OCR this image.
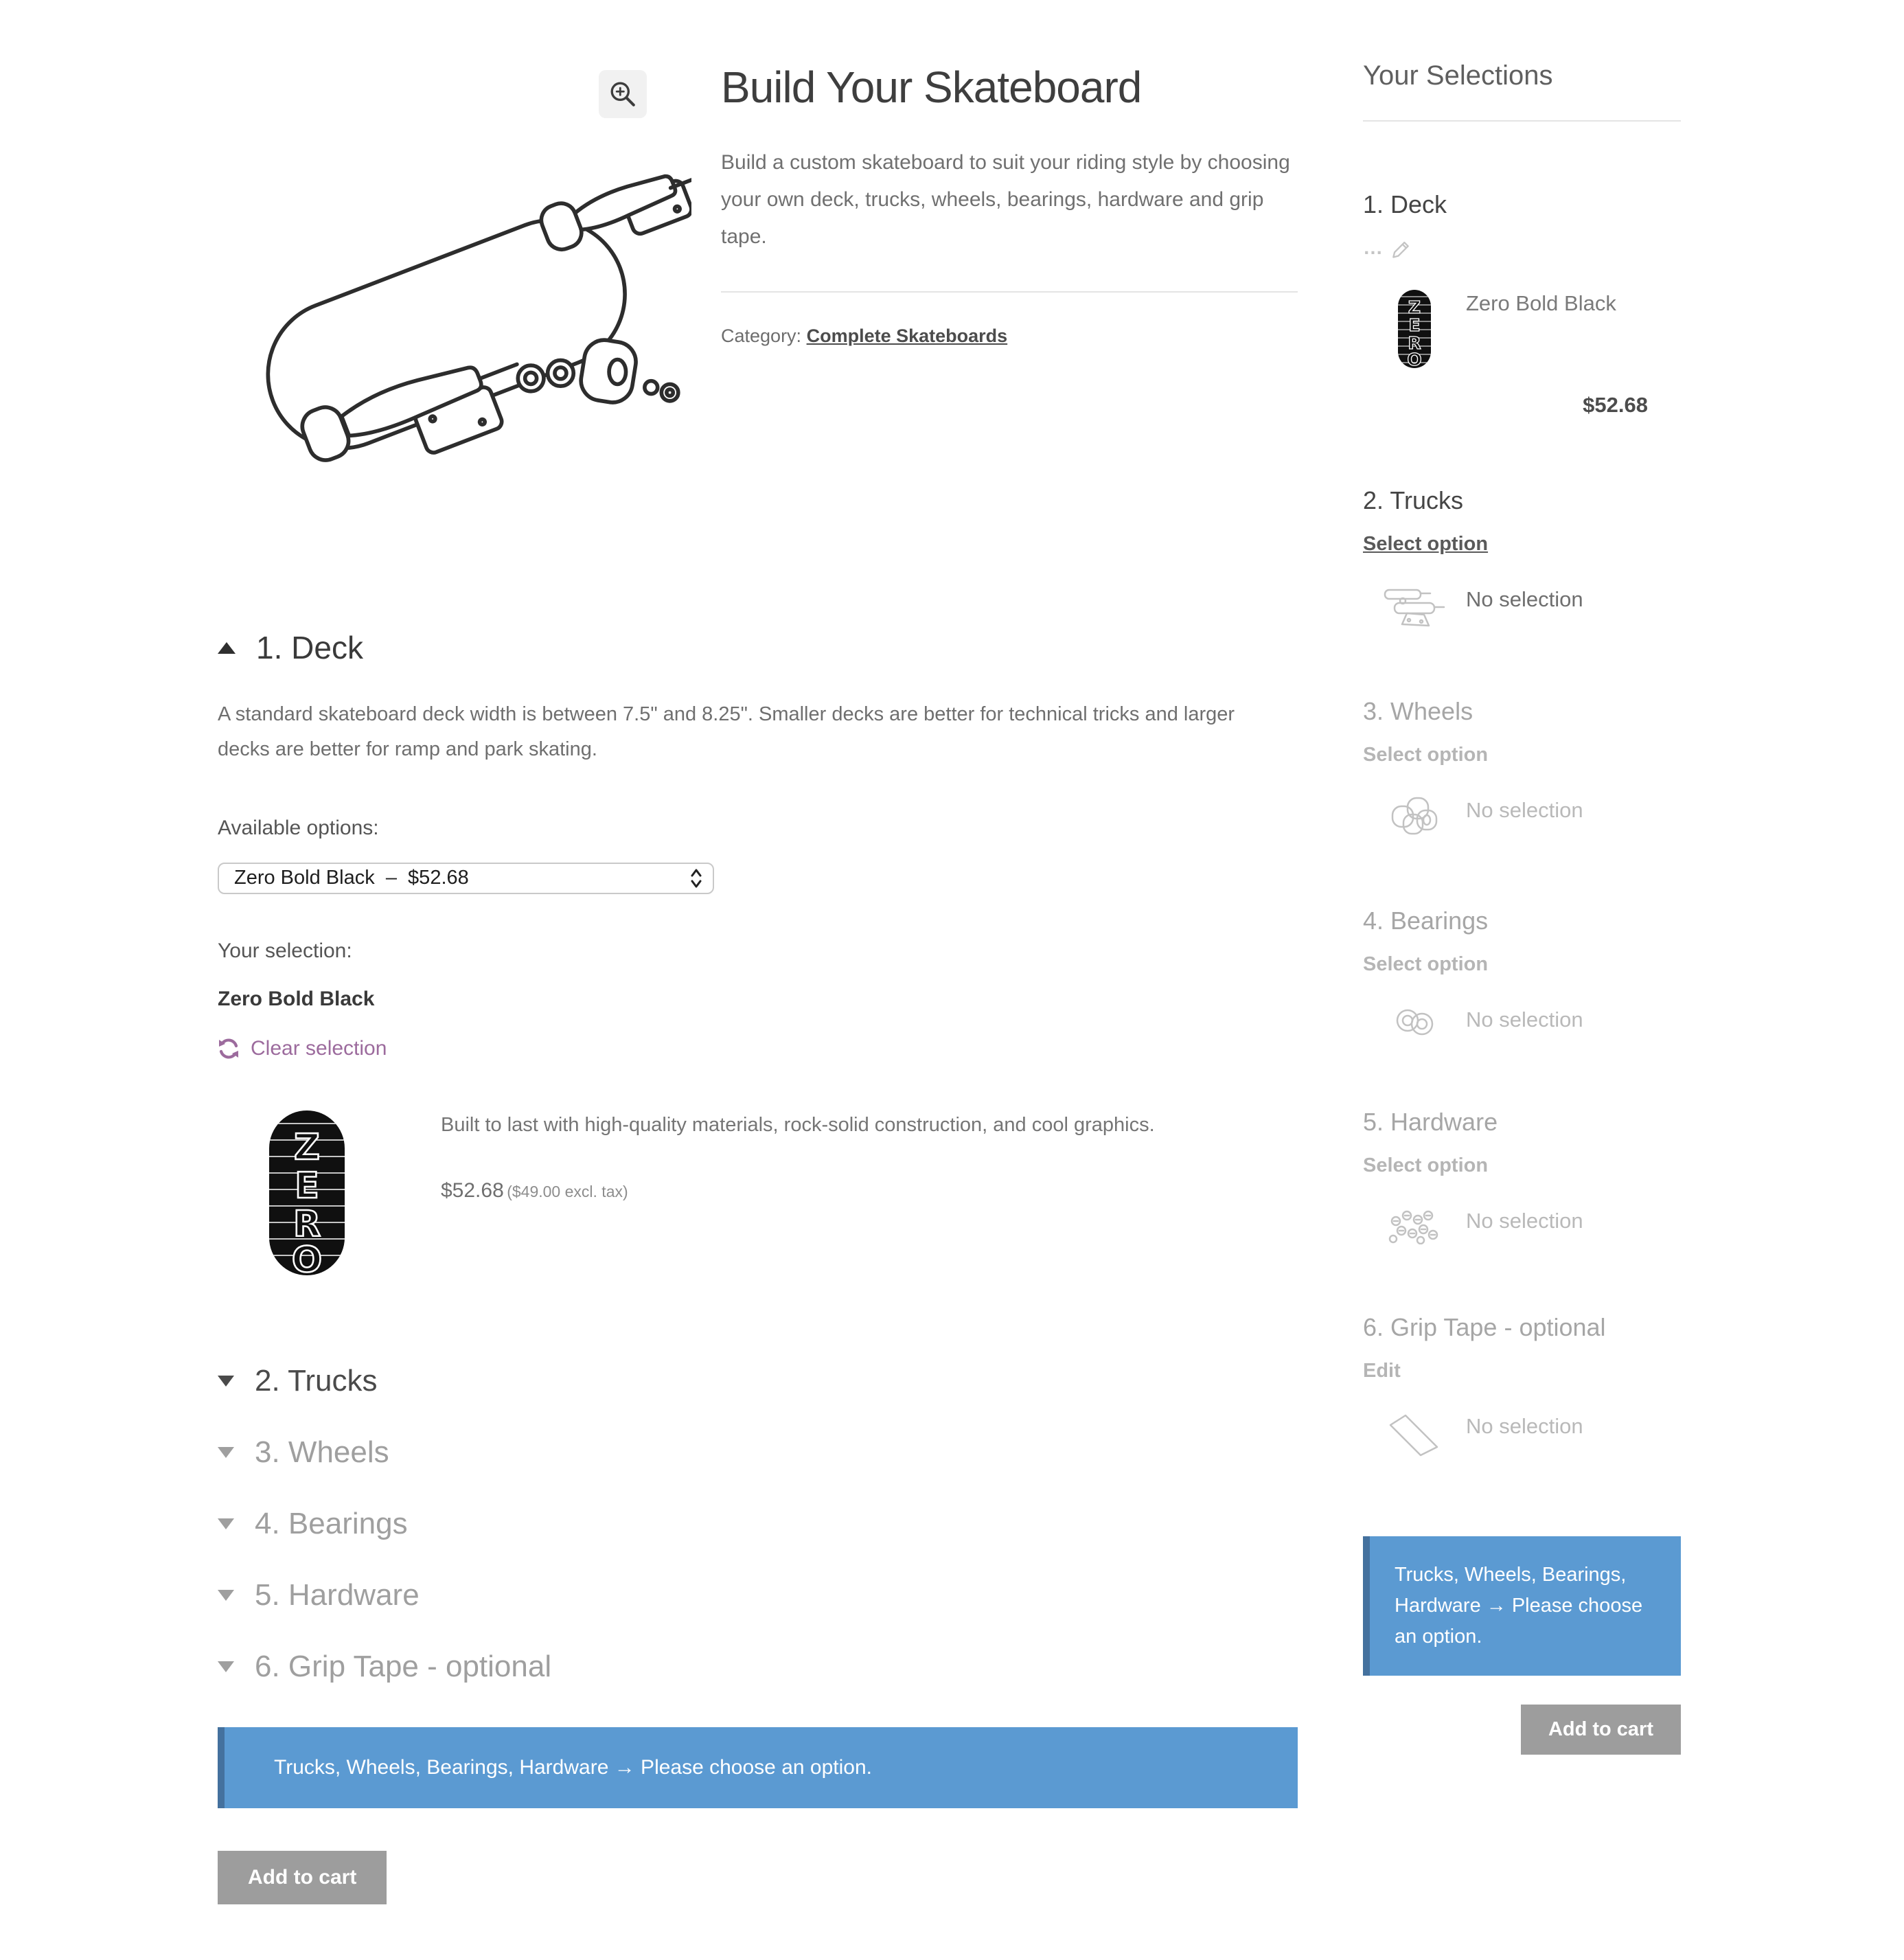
Build Your Skateboard

Build a custom skateboard to suit your riding style by choosing your own deck, trucks, wheels, bearings, hardware and grip tape.

Category: Complete Skateboards
1. Deck

A standard skateboard deck width is between 7.5" and 8.25". Smaller decks are better for technical tricks and larger decks are better for ramp and park skating.

Available options:
Zero Bold Black  –  $52.68
Your selection:
Zero Bold Black
Clear selection
Z
E
R
O

Built to last with high-quality materials, rock-solid construction, and cool graphics.

$52.68 ($49.00 excl. tax)
2. Trucks
3. Wheels
4. Bearings
5. Hardware
6. Grip Tape - optional

Trucks, Wheels, Bearings, Hardware → Please choose an option.

Add to cart
Your Selections
1. Deck
…
Z
E
R
O
Zero Bold Black
$52.68
2. Trucks
Select option
No selection
3. Wheels
Select option
No selection
4. Bearings
Select option
No selection
5. Hardware
Select option
No selection
6. Grip Tape - optional
Edit
No selection

Trucks, Wheels, Bearings, Hardware → Please choose an option.

Add to cart
